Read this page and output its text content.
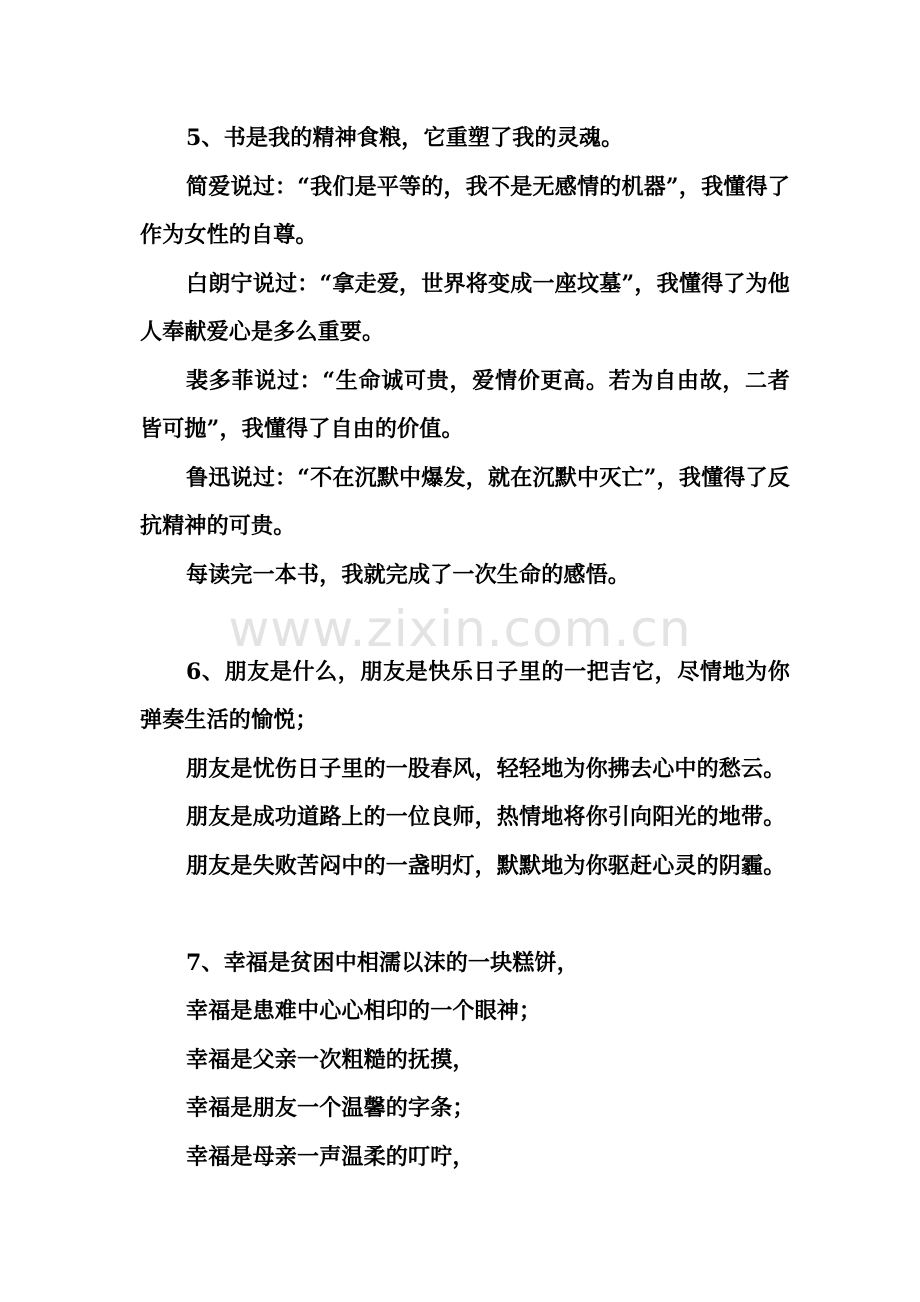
www.zixin.com.cn

5、书是我的精神食粮，它重塑了我的灵魂。

简爱说过：“我们是平等的，我不是无感情的机器”，我懂得了作为女性的自尊。

白朗宁说过：“拿走爱，世界将变成一座坟墓”，我懂得了为他人奉献爱心是多么重要。

裴多菲说过：“生命诚可贵，爱情价更高。若为自由故，二者皆可抛”，我懂得了自由的价值。

鲁迅说过：“不在沉默中爆发，就在沉默中灭亡”，我懂得了反抗精神的可贵。

每读完一本书，我就完成了一次生命的感悟。

6、朋友是什么，朋友是快乐日子里的一把吉它，尽情地为你弹奏生活的愉悦；

朋友是忧伤日子里的一股春风，轻轻地为你拂去心中的愁云。

朋友是成功道路上的一位良师，热情地将你引向阳光的地带。

朋友是失败苦闷中的一盏明灯，默默地为你驱赶心灵的阴霾。

7、幸福是贫困中相濡以沫的一块糕饼，

幸福是患难中心心相印的一个眼神；

幸福是父亲一次粗糙的抚摸，

幸福是朋友一个温馨的字条；

幸福是母亲一声温柔的叮咛，
